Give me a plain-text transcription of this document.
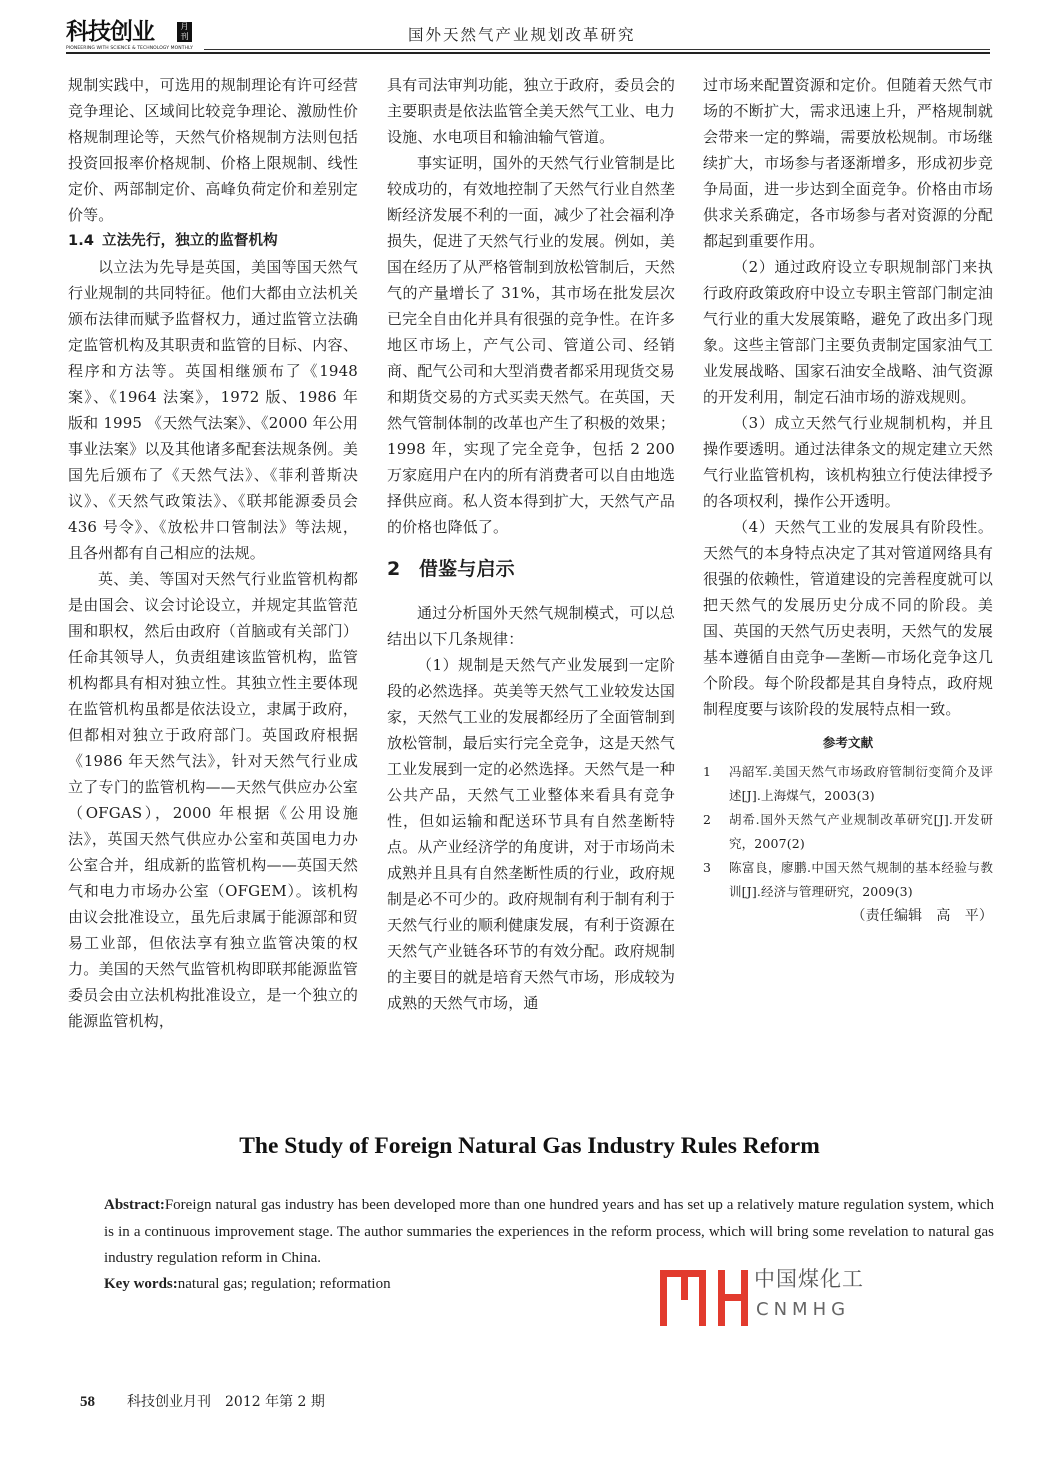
科技创业	月刊
PIONEERING WITH SCIENCE & TECHNOLOGY MONTHLY
国外天然气产业规划改革研究

规制实践中，可选用的规制理论有许可经营竞争理论、区域间比较竞争理论、激励性价格规制理论等，天然气价格规制方法则包括投资回报率价格规制、价格上限规制、线性定价、两部制定价、高峰负荷定价和差别定价等。

1.4 立法先行，独立的监督机构

以立法为先导是英国，美国等国天然气行业规制的共同特征。他们大都由立法机关颁布法律而赋予监督权力，通过监管立法确定监管机构及其职责和监管的目标、内容、程序和方法等。英国相继颁布了《1948 案》、《1964 法案》，1972 版、1986 年版和 1995 《天然气法案》、《2000 年公用事业法案》以及其他诸多配套法规条例。美国先后颁布了《天然气法》、《菲利普斯决议》、《天然气政策法》、《联邦能源委员会 436 号令》、《放松井口管制法》等法规，且各州都有自己相应的法规。

英、美、等国对天然气行业监管机构都是由国会、议会讨论设立，并规定其监管范围和职权，然后由政府（首脑或有关部门）任命其领导人，负责组建该监管机构，监管机构都具有相对独立性。其独立性主要体现在监管机构虽都是依法设立，隶属于政府，但都相对独立于政府部门。英国政府根据《1986 年天然气法》，针对天然气行业成立了专门的监管机构——天然气供应办公室（OFGAS），2000 年根据《公用设施法》，英国天然气供应办公室和英国电力办公室合并，组成新的监管机构——英国天然气和电力市场办公室（OFGEM）。该机构由议会批准设立，虽先后隶属于能源部和贸易工业部，但依法享有独立监管决策的权力。美国的天然气监管机构即联邦能源监管委员会由立法机构批准设立，是一个独立的能源监管机构，

具有司法审判功能，独立于政府，委员会的主要职责是依法监管全美天然气工业、电力设施、水电项目和输油输气管道。

事实证明，国外的天然气行业管制是比较成功的，有效地控制了天然气行业自然垄断经济发展不利的一面，减少了社会福利净损失，促进了天然气行业的发展。例如，美国在经历了从严格管制到放松管制后，天然气的产量增长了 31%，其市场在批发层次已完全自由化并具有很强的竞争性。在许多地区市场上，产气公司、管道公司、经销商、配气公司和大型消费者都采用现货交易和期货交易的方式买卖天然气。在英国，天然气管制体制的改革也产生了积极的效果；1998 年，实现了完全竞争，包括 2 200 万家庭用户在内的所有消费者可以自由地选择供应商。私人资本得到扩大，天然气产品的价格也降低了。

2 借鉴与启示

通过分析国外天然气规制模式，可以总结出以下几条规律：

（1）规制是天然气产业发展到一定阶段的必然选择。英美等天然气工业较发达国家，天然气工业的发展都经历了全面管制到放松管制，最后实行完全竞争，这是天然气工业发展到一定的必然选择。天然气是一种公共产品，天然气工业整体来看具有竞争性，但如运输和配送环节具有自然垄断特点。从产业经济学的角度讲，对于市场尚未成熟并且具有自然垄断性质的行业，政府规制是必不可少的。政府规制有利于制有利于天然气行业的顺利健康发展，有利于资源在天然气产业链各环节的有效分配。政府规制的主要目的就是培育天然气市场，形成较为成熟的天然气市场，通

过市场来配置资源和定价。但随着天然气市场的不断扩大，需求迅速上升，严格规制就会带来一定的弊端，需要放松规制。市场继续扩大，市场参与者逐渐增多，形成初步竞争局面，进一步达到全面竞争。价格由市场供求关系确定，各市场参与者对资源的分配都起到重要作用。

（2）通过政府设立专职规制部门来执行政府政策政府中设立专职主管部门制定油气行业的重大发展策略，避免了政出多门现象。这些主管部门主要负责制定国家油气工业发展战略、国家石油安全战略、油气资源的开发利用，制定石油市场的游戏规则。

（3）成立天然气行业规制机构，并且操作要透明。通过法律条文的规定建立天然气行业监管机构，该机构独立行使法律授予的各项权利，操作公开透明。

（4）天然气工业的发展具有阶段性。天然气的本身特点决定了其对管道网络具有很强的依赖性，管道建设的完善程度就可以把天然气的发展历史分成不同的阶段。美国、英国的天然气历史表明，天然气的发展基本遵循自由竞争—垄断—市场化竞争这几个阶段。每个阶段都是其自身特点，政府规制程度要与该阶段的发展特点相一致。

参考文献
1 冯韶军.美国天然气市场政府管制衍变简介及评述[J].上海煤气，2003(3)
2 胡希.国外天然气产业规制改革研究[J].开发研究，2007(2)
3 陈富良，廖鹏.中国天然气规制的基本经验与教训[J].经济与管理研究，2009(3)
（责任编辑　高　平）
The Study of Foreign Natural Gas Industry Rules Reform
Abstract:Foreign natural gas industry has been developed more than one hundred years and has set up a relatively mature regulation system, which is in a continuous improvement stage. The author summaries the experiences in the reform process, which will bring some revelation to natural gas industry regulation reform in China.
Key words:natural gas; regulation; reformation	中国煤化工
CNMHG
58 科技创业月刊　2012 年第 2 期
